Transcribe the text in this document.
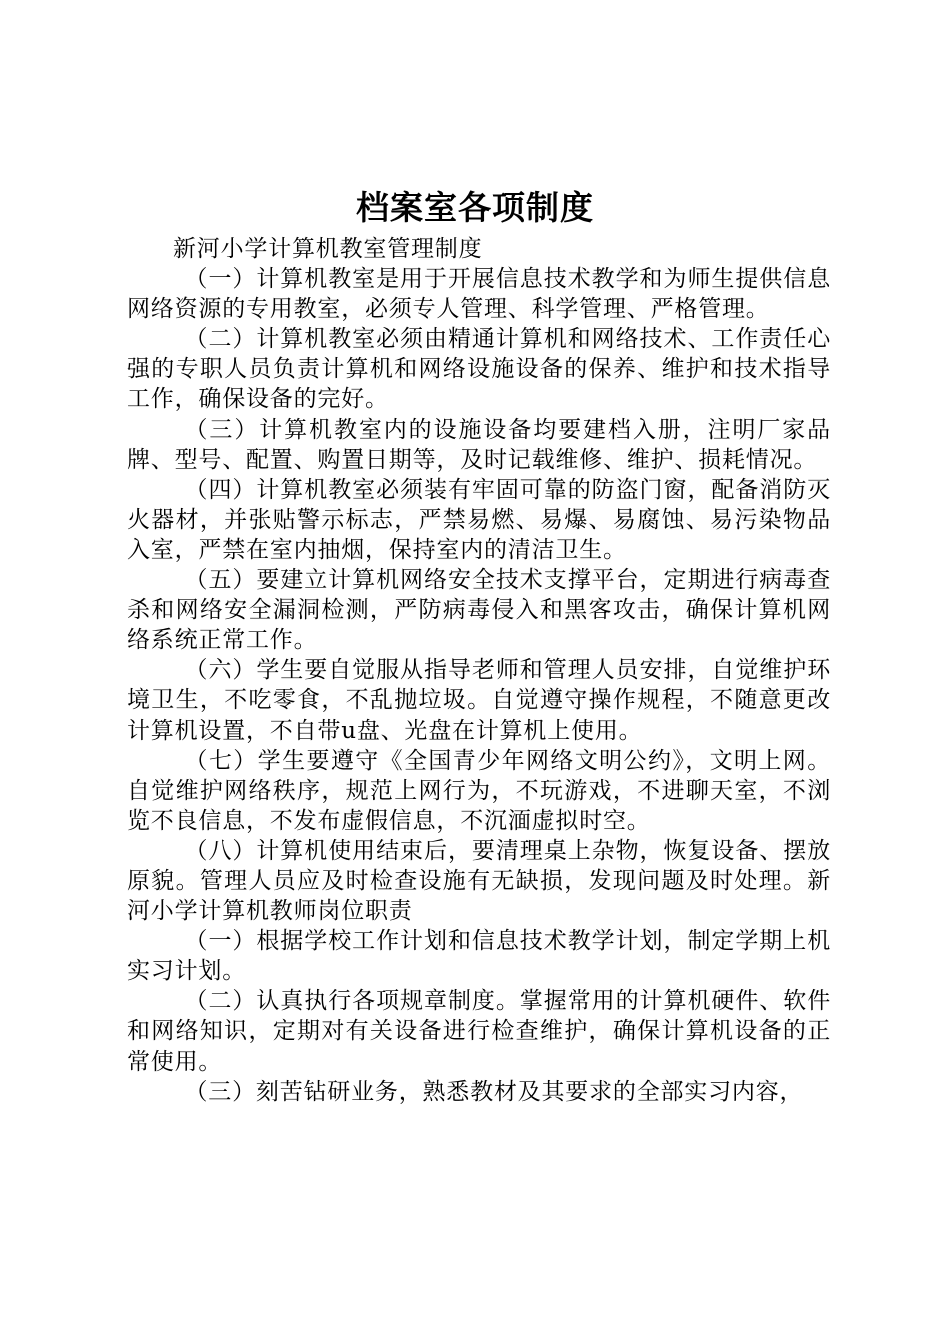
档案室各项制度

新河小学计算机教室管理制度

（一）计算机教室是用于开展信息技术教学和为师生提供信息网络资源的专用教室，必须专人管理、科学管理、严格管理。

（二）计算机教室必须由精通计算机和网络技术、工作责任心强的专职人员负责计算机和网络设施设备的保养、维护和技术指导工作，确保设备的完好。

（三）计算机教室内的设施设备均要建档入册，注明厂家品牌、型号、配置、购置日期等，及时记载维修、维护、损耗情况。

（四）计算机教室必须装有牢固可靠的防盗门窗，配备消防灭火器材，并张贴警示标志，严禁易燃、易爆、易腐蚀、易污染物品入室，严禁在室内抽烟，保持室内的清洁卫生。

（五）要建立计算机网络安全技术支撑平台，定期进行病毒查杀和网络安全漏洞检测，严防病毒侵入和黑客攻击，确保计算机网络系统正常工作。

（六）学生要自觉服从指导老师和管理人员安排，自觉维护环境卫生，不吃零食，不乱抛垃圾。自觉遵守操作规程，不随意更改计算机设置，不自带u盘、光盘在计算机上使用。

（七）学生要遵守《全国青少年网络文明公约》，文明上网。自觉维护网络秩序，规范上网行为，不玩游戏，不进聊天室，不浏览不良信息，不发布虚假信息，不沉湎虚拟时空。

（八）计算机使用结束后，要清理桌上杂物，恢复设备、摆放原貌。管理人员应及时检查设施有无缺损，发现问题及时处理。新河小学计算机教师岗位职责

（一）根据学校工作计划和信息技术教学计划，制定学期上机实习计划。

（二）认真执行各项规章制度。掌握常用的计算机硬件、软件和网络知识，定期对有关设备进行检查维护，确保计算机设备的正常使用。

（三）刻苦钻研业务，熟悉教材及其要求的全部实习内容，
